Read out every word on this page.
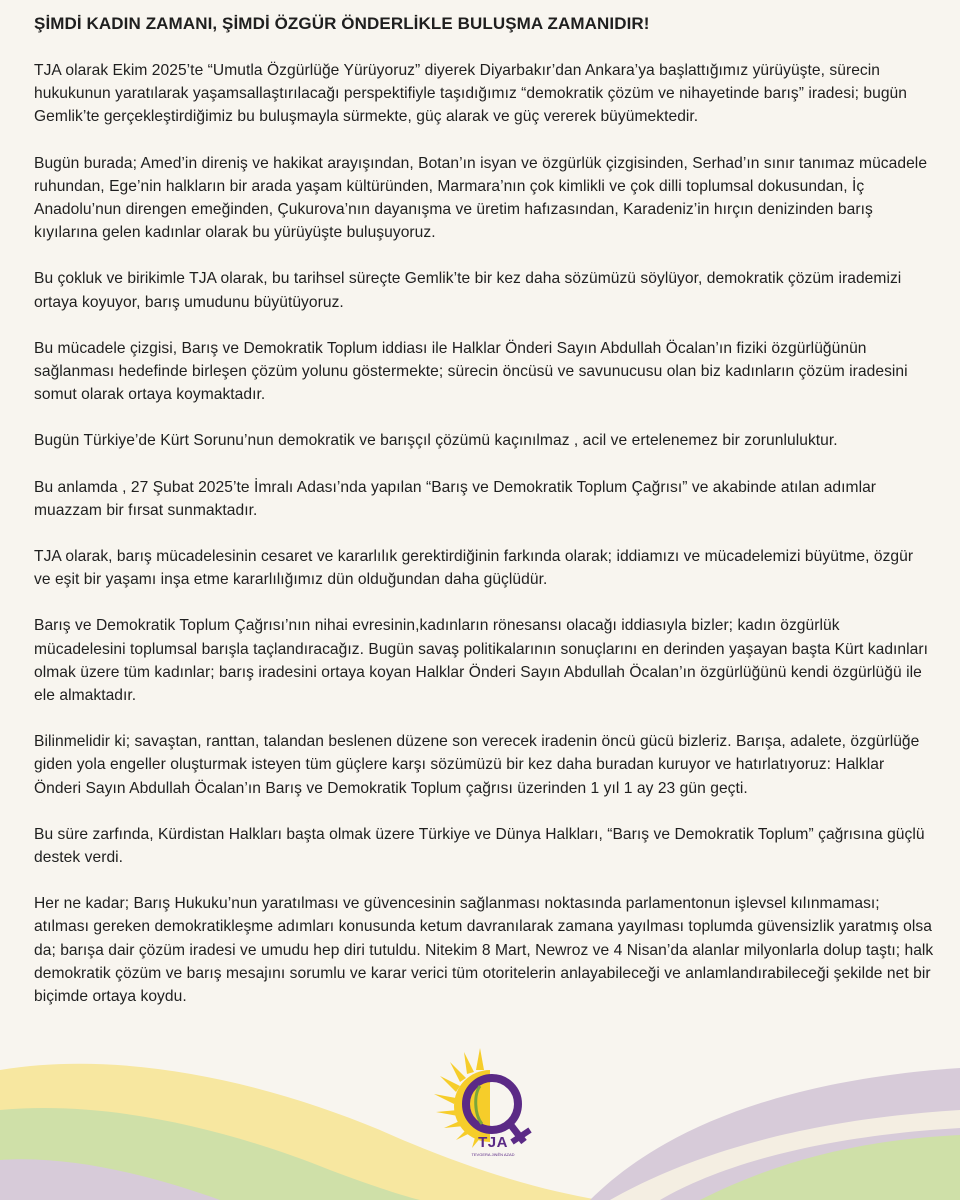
ŞİMDİ KADIN ZAMANI, ŞİMDİ ÖZGÜR ÖNDERLİKLE BULUŞMA ZAMANIDIR!

TJA olarak Ekim 2025’te “Umutla Özgürlüğe Yürüyoruz” diyerek Diyarbakır’dan Ankara’ya başlattığımız yürüyüşte, sürecin hukukunun yaratılarak yaşamsallaştırılacağı perspektifiyle taşıdığımız “demokratik çözüm ve nihayetinde barış” iradesi; bugün Gemlik’te gerçekleştirdiğimiz bu buluşmayla sürmekte, güç alarak ve güç vererek büyümektedir.

Bugün burada; Amed’in direniş ve hakikat arayışından, Botan’ın isyan ve özgürlük çizgisinden, Serhad’ın sınır tanımaz mücadele ruhundan, Ege’nin halkların bir arada yaşam kültüründen, Marmara’nın çok kimlikli ve çok dilli toplumsal dokusundan, İç Anadolu’nun direngen emeğinden, Çukurova’nın dayanışma ve üretim hafızasından, Karadeniz’in hırçın denizinden barış kıyılarına gelen kadınlar olarak bu yürüyüşte buluşuyoruz.

Bu çokluk ve birikimle TJA olarak, bu tarihsel süreçte Gemlik’te bir kez daha sözümüzü söylüyor, demokratik çözüm irademizi ortaya koyuyor, barış umudunu büyütüyoruz.

Bu mücadele çizgisi, Barış ve Demokratik Toplum iddiası ile Halklar Önderi Sayın Abdullah Öcalan’ın fiziki özgürlüğünün sağlanması hedefinde birleşen çözüm yolunu göstermekte; sürecin öncüsü ve savunucusu olan biz kadınların çözüm iradesini somut olarak ortaya koymaktadır.

Bugün Türkiye’de Kürt Sorunu’nun demokratik ve barışçıl çözümü kaçınılmaz , acil ve ertelenemez bir zorunluluktur.

Bu anlamda , 27 Şubat 2025’te İmralı Adası’nda yapılan “Barış ve Demokratik Toplum Çağrısı” ve akabinde atılan adımlar muazzam bir fırsat sunmaktadır.

TJA olarak, barış mücadelesinin cesaret ve kararlılık gerektirdiğinin farkında olarak; iddiamızı ve mücadelemizi büyütme, özgür ve eşit bir yaşamı inşa etme kararlılığımız dün olduğundan daha güçlüdür.

Barış ve Demokratik Toplum Çağrısı’nın nihai evresinin,kadınların rönesansı olacağı iddiasıyla bizler; kadın özgürlük mücadelesini toplumsal barışla taçlandıracağız. Bugün savaş politikalarının sonuçlarını en derinden yaşayan başta Kürt kadınları olmak üzere tüm kadınlar; barış iradesini ortaya koyan Halklar Önderi Sayın Abdullah Öcalan’ın özgürlüğünü kendi özgürlüğü ile ele almaktadır.

Bilinmelidir ki; savaştan, ranttan, talandan beslenen düzene son verecek iradenin öncü gücü bizleriz. Barışa, adalete, özgürlüğe giden yola engeller oluşturmak isteyen tüm güçlere karşı sözümüzü bir kez daha buradan kuruyor ve hatırlatıyoruz: Halklar Önderi Sayın Abdullah Öcalan’ın Barış ve Demokratik Toplum çağrısı üzerinden 1 yıl 1 ay 23 gün geçti.

Bu süre zarfında, Kürdistan Halkları başta olmak üzere Türkiye ve Dünya Halkları, “Barış ve Demokratik Toplum” çağrısına güçlü destek verdi.

Her ne kadar; Barış Hukuku’nun yaratılması ve güvencesinin sağlanması noktasında parlamentonun işlevsel kılınmaması; atılması gereken demokratikleşme adımları konusunda ketum davranılarak zamana yayılması toplumda güvensizlik yaratmış olsa da; barışa dair çözüm iradesi ve umudu hep diri tutuldu. Nitekim 8 Mart, Newroz ve 4 Nisan’da alanlar milyonlarla dolup taştı; halk demokratik çözüm ve barış mesajını sorumlu ve karar verici tüm otoritelerin anlayabileceği ve anlamlandırabileceği şekilde net bir biçimde ortaya koydu.

TJA
TEVGERA JINÊN AZAD
